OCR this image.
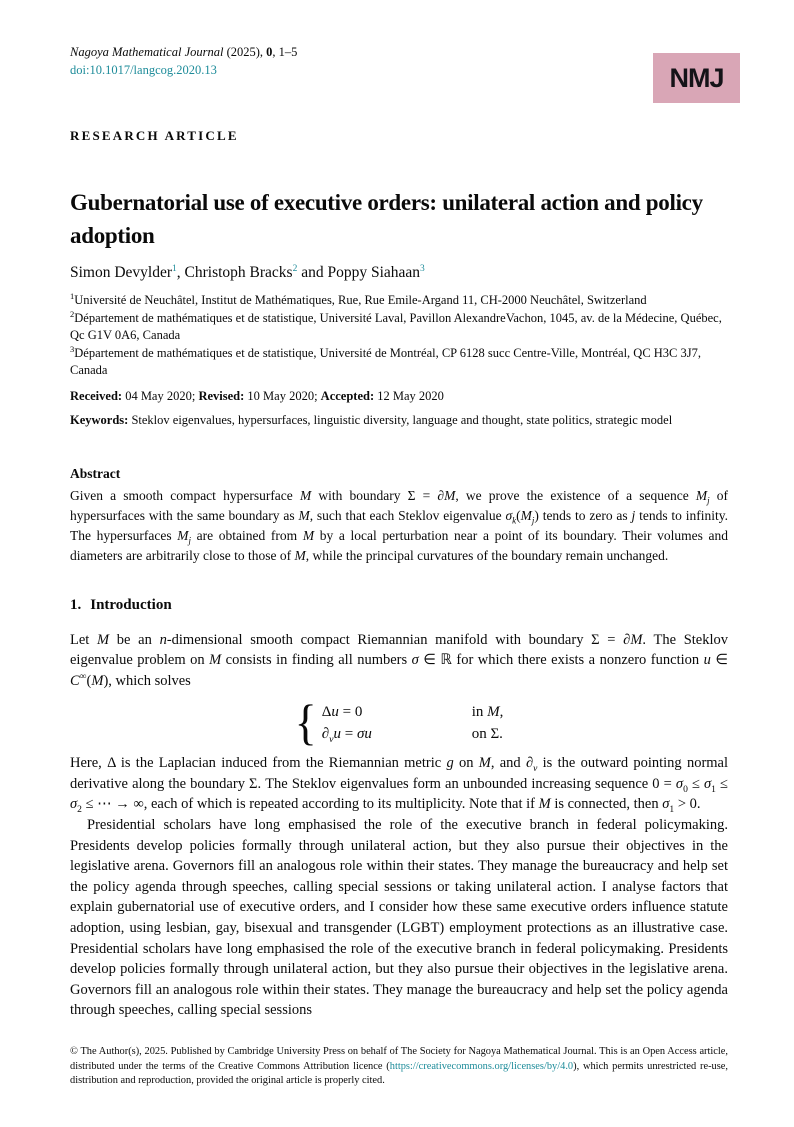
Nagoya Mathematical Journal (2025), 0, 1–5
doi:10.1017/langcog.2020.13	NMJ
RESEARCH ARTICLE
Gubernatorial use of executive orders: unilateral action and policy adoption
Simon Devylder$^1$, Christoph Bracks$^2$ and Poppy Siahaan$^3$
$^1$Université de Neuchâtel, Institut de Mathématiques, Rue, Rue Emile-Argand 11, CH-2000 Neuchâtel, Switzerland
$^2$Département de mathématiques et de statistique, Université Laval, Pavillon AlexandreVachon, 1045, av. de la Médecine, Québec, Qc G1V 0A6, Canada
$^3$Département de mathématiques et de statistique, Université de Montréal, CP 6128 succ Centre-Ville, Montréal, QC H3C 3J7, Canada
Received: 04 May 2020; Revised: 10 May 2020; Accepted: 12 May 2020
Keywords: Steklov eigenvalues, hypersurfaces, linguistic diversity, language and thought, state politics, strategic model
Abstract
Given a smooth compact hypersurface M with boundary Σ = ∂M, we prove the existence of a sequence $M_j$ of hypersurfaces with the same boundary as M, such that each Steklov eigenvalue $\sigma_k(M_j)$ tends to zero as j tends to infinity. The hypersurfaces $M_j$ are obtained from M by a local perturbation near a point of its boundary. Their volumes and diameters are arbitrarily close to those of M, while the principal curvatures of the boundary remain unchanged.
1. Introduction

Let M be an n-dimensional smooth compact Riemannian manifold with boundary Σ = ∂M. The Steklov eigenvalue problem on M consists in finding all numbers σ ∈ ℝ for which there exists a nonzero function u ∈ C∞(M), which solves

{ Δu = 0	in M,
$\partial_\nu u = \sigma u$	on Σ.

Here, Δ is the Laplacian induced from the Riemannian metric g on M, and $\partial_\nu$ is the outward pointing normal derivative along the boundary Σ. The Steklov eigenvalues form an unbounded increasing sequence $0 = \sigma_0 \le \sigma_1 \le \sigma_2$ ≤ ⋯ → ∞, each of which is repeated according to its multiplicity. Note that if M is connected, then $\sigma_1 > 0$.

Presidential scholars have long emphasised the role of the executive branch in federal policymaking. Presidents develop policies formally through unilateral action, but they also pursue their objectives in the legislative arena. Governors fill an analogous role within their states. They manage the bureaucracy and help set the policy agenda through speeches, calling special sessions or taking unilateral action. I analyse factors that explain gubernatorial use of executive orders, and I consider how these same executive orders influence statute adoption, using lesbian, gay, bisexual and transgender (LGBT) employment protections as an illustrative case. Presidential scholars have long emphasised the role of the executive branch in federal policymaking. Presidents develop policies formally through unilateral action, but they also pursue their objectives in the legislative arena. Governors fill an analogous role within their states. They manage the bureaucracy and help set the policy agenda through speeches, calling special sessions

© The Author(s), 2025. Published by Cambridge University Press on behalf of The Society for Nagoya Mathematical Journal. This is an Open Access article, distributed under the terms of the Creative Commons Attribution licence (https://creativecommons.org/licenses/by/4.0), which permits unrestricted re-use, distribution and reproduction, provided the original article is properly cited.
